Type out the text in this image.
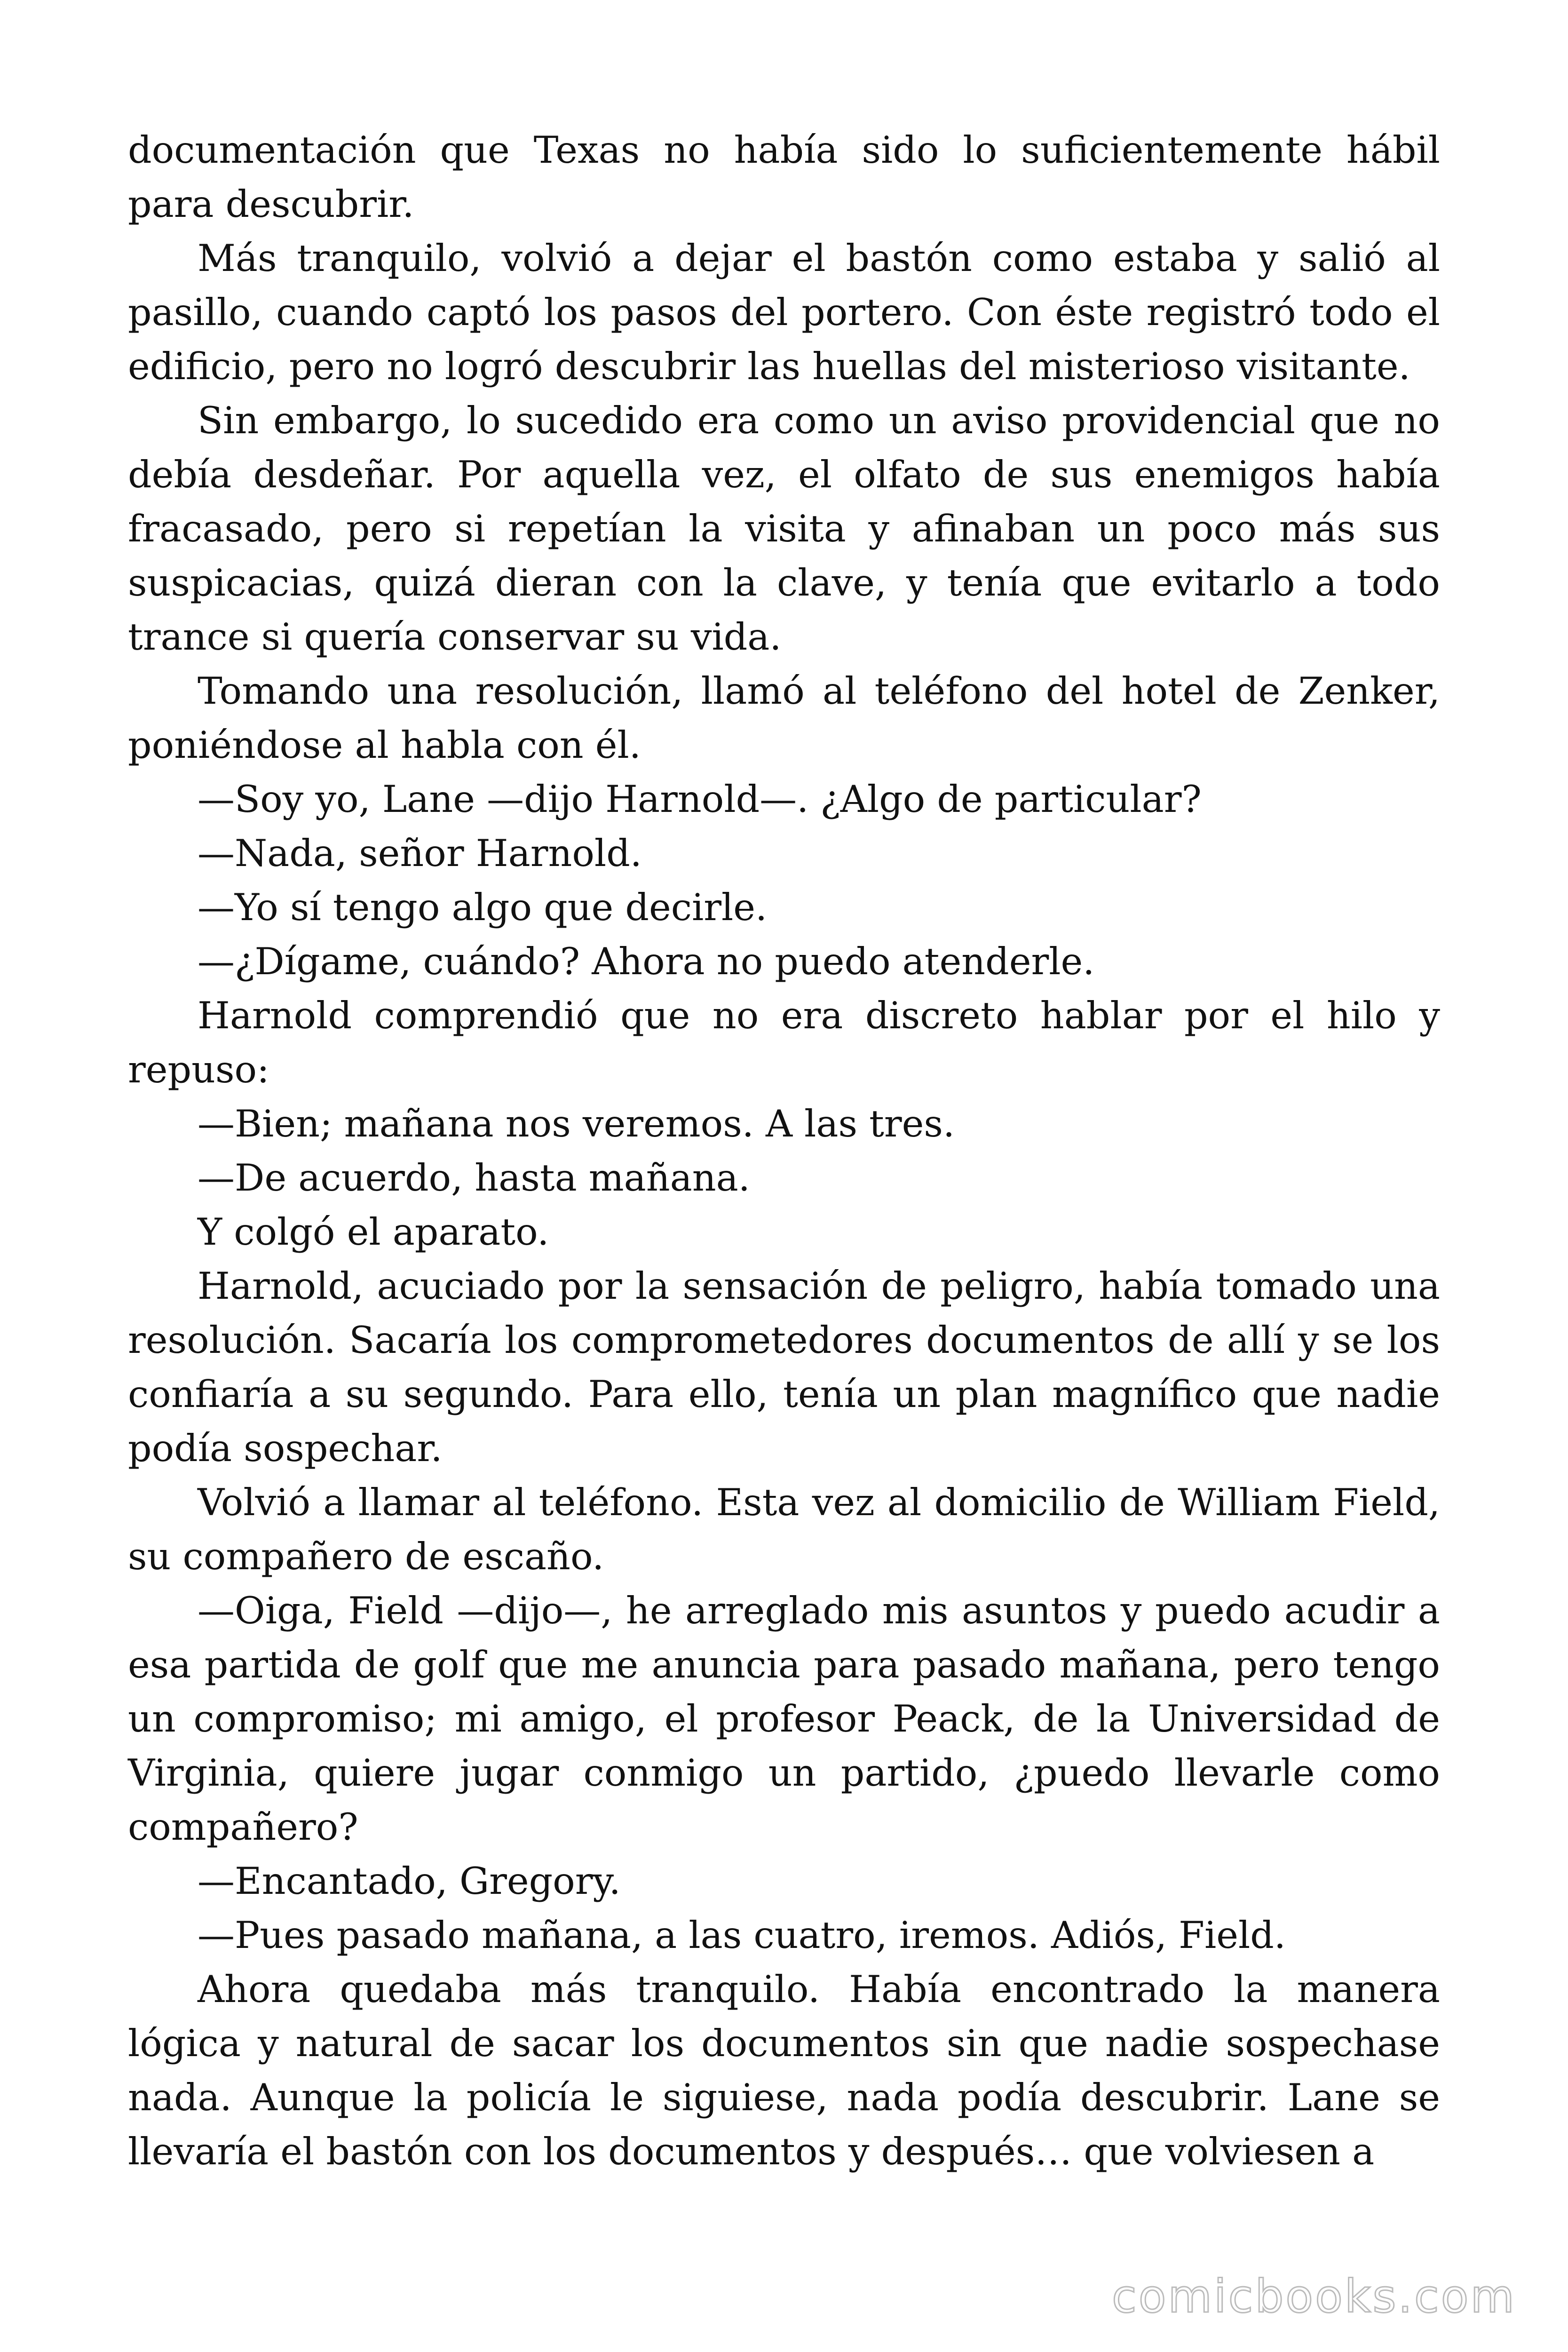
documentación que Texas no había sido lo suficientemente hábil para descubrir.

Más tranquilo, volvió a dejar el bastón como estaba y salió al pasillo, cuando captó los pasos del portero. Con éste registró todo el edificio, pero no logró descubrir las huellas del misterioso visitante.

Sin embargo, lo sucedido era como un aviso providencial que no debía desdeñar. Por aquella vez, el olfato de sus enemigos había fracasado, pero si repetían la visita y afinaban un poco más sus suspicacias, quizá dieran con la clave, y tenía que evitarlo a todo trance si quería conservar su vida.

Tomando una resolución, llamó al teléfono del hotel de Zenker, poniéndose al habla con él.

—Soy yo, Lane —dijo Harnold—. ¿Algo de particular?

—Nada, señor Harnold.

—Yo sí tengo algo que decirle.

—¿Dígame, cuándo? Ahora no puedo atenderle.

Harnold comprendió que no era discreto hablar por el hilo y repuso:

—Bien; mañana nos veremos. A las tres.

—De acuerdo, hasta mañana.

Y colgó el aparato.

Harnold, acuciado por la sensación de peligro, había tomado una resolución. Sacaría los comprometedores documentos de allí y se los confiaría a su segundo. Para ello, tenía un plan magnífico que nadie podía sospechar.

Volvió a llamar al teléfono. Esta vez al domicilio de William Field, su compañero de escaño.

—Oiga, Field —dijo—, he arreglado mis asuntos y puedo acudir a esa partida de golf que me anuncia para pasado mañana, pero tengo un compromiso; mi amigo, el profesor Peack, de la Universidad de Virginia, quiere jugar conmigo un partido, ¿puedo llevarle como compañero?

—Encantado, Gregory.

—Pues pasado mañana, a las cuatro, iremos. Adiós, Field.

Ahora quedaba más tranquilo. Había encontrado la manera lógica y natural de sacar los documentos sin que nadie sospechase nada. Aunque la policía le siguiese, nada podía descubrir. Lane se llevaría el bastón con los documentos y después… que volviesen a

comicbooks.com
